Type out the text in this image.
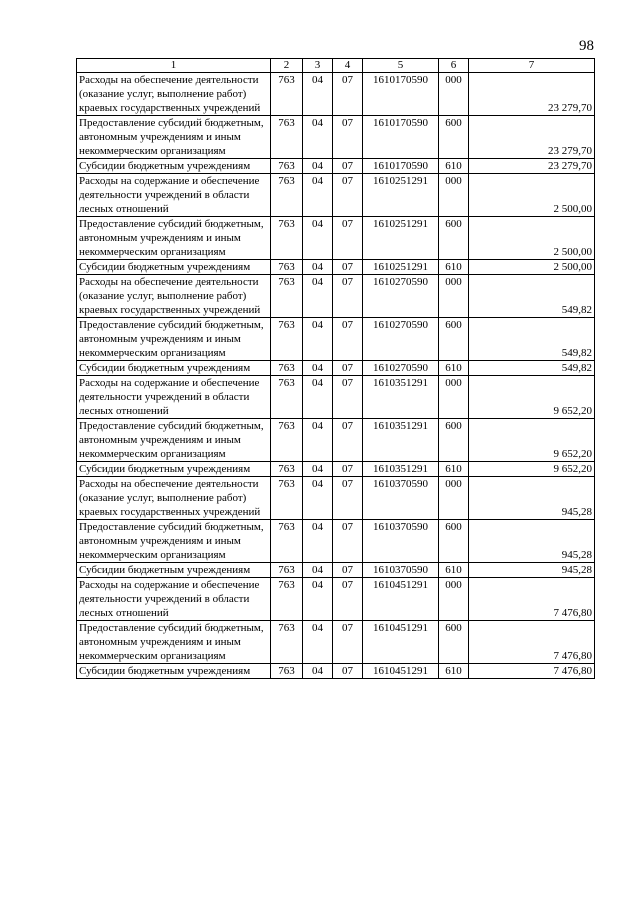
98
1	2	3	4	5	6	7
Расходы на обеспечение деятельности (оказание услуг, выполнение работ) краевых государственных учреждений	763	04	07	1610170590	000	23 279,70
Предоставление субсидий бюджетным, автономным учреждениям и иным некоммерческим организациям	763	04	07	1610170590	600	23 279,70
Субсидии бюджетным учреждениям	763	04	07	1610170590	610	23 279,70
Расходы на содержание и обеспечение деятельности учреждений в области лесных отношений	763	04	07	1610251291	000	2 500,00
Предоставление субсидий бюджетным, автономным учреждениям и иным некоммерческим организациям	763	04	07	1610251291	600	2 500,00
Субсидии бюджетным учреждениям	763	04	07	1610251291	610	2 500,00
Расходы на обеспечение деятельности (оказание услуг, выполнение работ) краевых государственных учреждений	763	04	07	1610270590	000	549,82
Предоставление субсидий бюджетным, автономным учреждениям и иным некоммерческим организациям	763	04	07	1610270590	600	549,82
Субсидии бюджетным учреждениям	763	04	07	1610270590	610	549,82
Расходы на содержание и обеспечение деятельности учреждений в области лесных отношений	763	04	07	1610351291	000	9 652,20
Предоставление субсидий бюджетным, автономным учреждениям и иным некоммерческим организациям	763	04	07	1610351291	600	9 652,20
Субсидии бюджетным учреждениям	763	04	07	1610351291	610	9 652,20
Расходы на обеспечение деятельности (оказание услуг, выполнение работ) краевых государственных учреждений	763	04	07	1610370590	000	945,28
Предоставление субсидий бюджетным, автономным учреждениям и иным некоммерческим организациям	763	04	07	1610370590	600	945,28
Субсидии бюджетным учреждениям	763	04	07	1610370590	610	945,28
Расходы на содержание и обеспечение деятельности учреждений в области лесных отношений	763	04	07	1610451291	000	7 476,80
Предоставление субсидий бюджетным, автономным учреждениям и иным некоммерческим организациям	763	04	07	1610451291	600	7 476,80
Субсидии бюджетным учреждениям	763	04	07	1610451291	610	7 476,80
